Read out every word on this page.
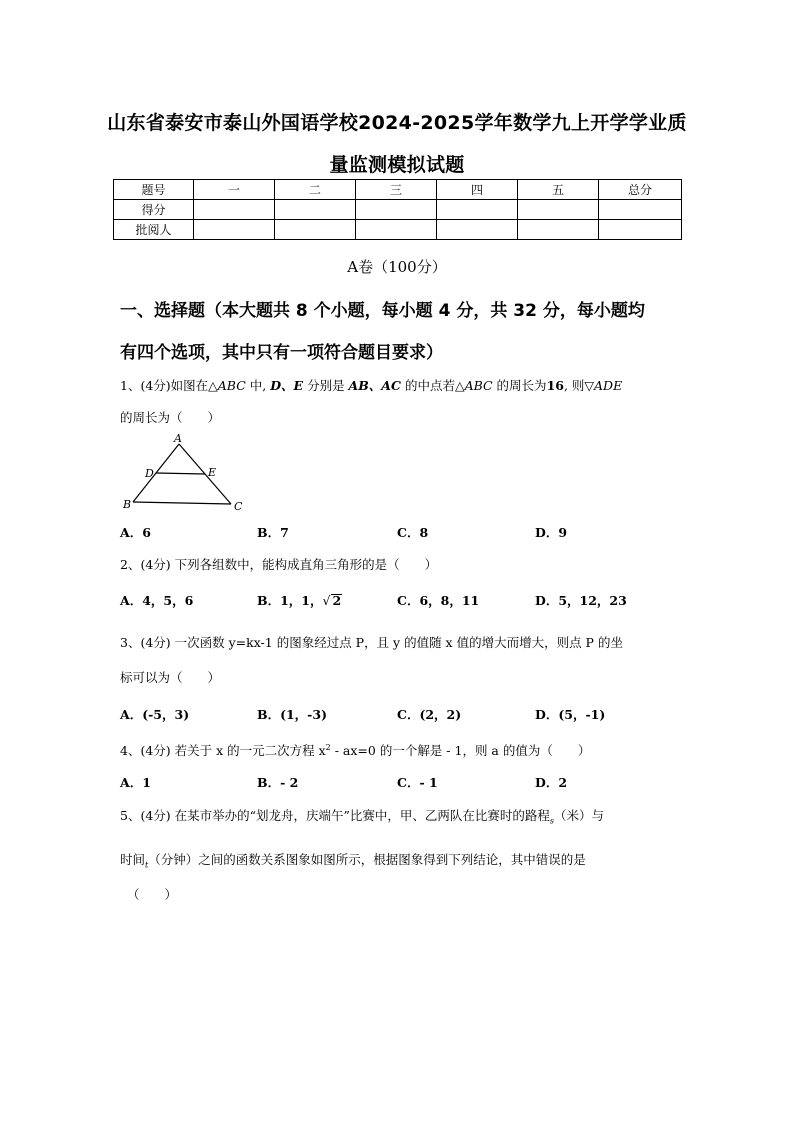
山东省泰安市泰山外国语学校2024-2025学年数学九上开学学业质
量监测模拟试题
题号	一	二	三	四	五	总分
得分						
批阅人						
A卷（100分）
一、选择题（本大题共 8 个小题，每小题 4 分，共 32 分，每小题均
有四个选项，其中只有一项符合题目要求）
1、(4分)如图在△ABC 中, D、E 分别是 AB、AC 的中点若△ABC 的周长为16, 则▽ADE
的周长为（　　）
A
D	E
B	C
A．6	B．7	C．8	D．9
2、(4分) 下列各组数中，能构成直角三角形的是（　　）
A．4，5，6	B．1，1，√ 2	C．6，8，11	D．5，12，23
3、(4分) 一次函数 y=kx-1 的图象经过点 P，且 y 的值随 x 值的增大而增大，则点 P 的坐
标可以为（　　）
A．(-5，3)	B．(1，-3)	C．(2，2)	D．(5，-1)
4、(4分) 若关于 x 的一元二次方程 $x^2 - ax=0$ 的一个解是 - 1，则 a 的值为（　　）
A．1	B．- 2	C．- 1	D．2
5、(4分) 在某市举办的“划龙舟，庆端午”比赛中，甲、乙两队在比赛时的路程$_s$（米）与
时间$_t$（分钟）之间的函数关系图象如图所示，根据图象得到下列结论，其中错误的是
（　　）
